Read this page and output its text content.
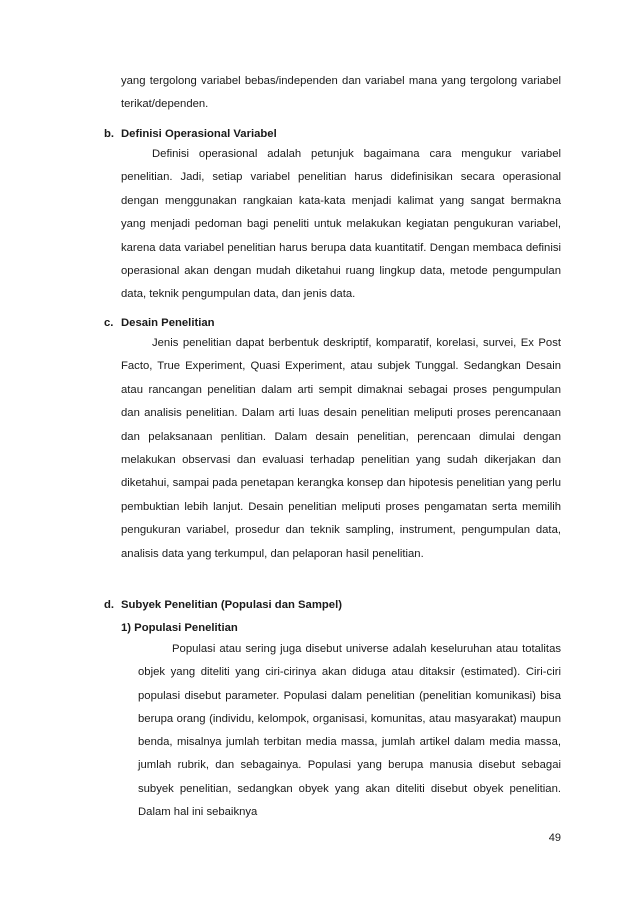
yang tergolong variabel bebas/independen dan variabel mana yang tergolong variabel terikat/dependen.

b. Definisi Operasional Variabel

Definisi operasional adalah petunjuk bagaimana cara mengukur variabel penelitian. Jadi, setiap variabel penelitian harus didefinisikan secara operasional dengan menggunakan rangkaian kata-kata menjadi kalimat yang sangat bermakna yang menjadi pedoman bagi peneliti untuk melakukan kegiatan pengukuran variabel, karena data variabel penelitian harus berupa data kuantitatif. Dengan membaca definisi operasional akan dengan mudah diketahui ruang lingkup data, metode pengumpulan data, teknik pengumpulan data, dan jenis data.

c. Desain Penelitian

Jenis penelitian dapat berbentuk deskriptif, komparatif, korelasi, survei, Ex Post Facto, True Experiment, Quasi Experiment, atau subjek Tunggal. Sedangkan Desain atau rancangan penelitian dalam arti sempit dimaknai sebagai proses pengumpulan dan analisis penelitian. Dalam arti luas desain penelitian meliputi proses perencanaan dan pelaksanaan penlitian. Dalam desain penelitian, perencaan dimulai dengan melakukan observasi dan evaluasi terhadap penelitian yang sudah dikerjakan dan diketahui, sampai pada penetapan kerangka konsep dan hipotesis penelitian yang perlu pembuktian lebih lanjut. Desain penelitian meliputi proses pengamatan serta memilih pengukuran variabel, prosedur dan teknik sampling, instrument, pengumpulan data, analisis data yang terkumpul, dan pelaporan hasil penelitian.

d. Subyek Penelitian (Populasi dan Sampel)

1) Populasi Penelitian

Populasi atau sering juga disebut universe adalah keseluruhan atau totalitas objek yang diteliti yang ciri-cirinya akan diduga atau ditaksir (estimated). Ciri-ciri populasi disebut parameter. Populasi dalam penelitian (penelitian komunikasi) bisa berupa orang (individu, kelompok, organisasi, komunitas, atau masyarakat) maupun benda, misalnya jumlah terbitan media massa, jumlah artikel dalam media massa, jumlah rubrik, dan sebagainya. Populasi yang berupa manusia disebut sebagai subyek penelitian, sedangkan obyek yang akan diteliti disebut obyek penelitian. Dalam hal ini sebaiknya

49
